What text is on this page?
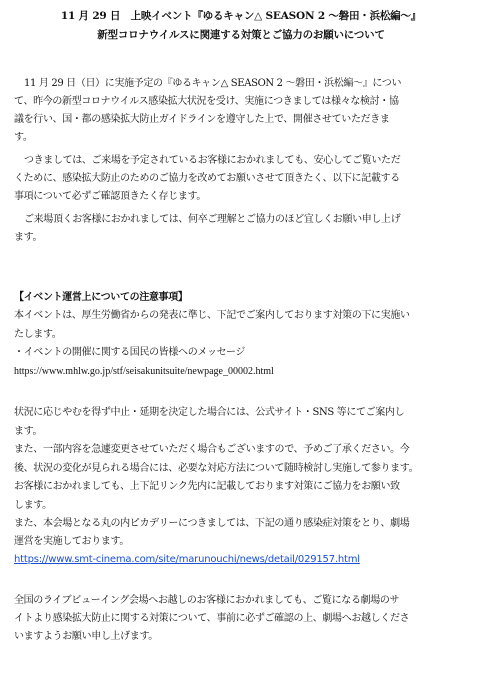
11 月 29 日　上映イベント『ゆるキャン△ SEASON 2 〜磐田・浜松編〜』
新型コロナウイルスに関連する対策とご協力のお願いについて
11 月 29 日（日）に実施予定の『ゆるキャン△ SEASON 2 〜磐田・浜松編〜』につい
て、昨今の新型コロナウイルス感染拡大状況を受け、実施につきましては様々な検討・協
議を行い、国・都の感染拡大防止ガイドラインを遵守した上で、開催させていただきま
す。
つきましては、ご来場を予定されているお客様におかれましても、安心してご覧いただ
くために、感染拡大防止のためのご協力を改めてお願いさせて頂きたく、以下に記載する
事項について必ずご確認頂きたく存じます。
ご来場頂くお客様におかれましては、何卒ご理解とご協力のほど宜しくお願い申し上げ
ます。
【イベント運営上についての注意事項】
本イベントは、厚生労働省からの発表に準じ、下記でご案内しております対策の下に実施い
たします。
・イベントの開催に関する国民の皆様へのメッセージ
https://www.mhlw.go.jp/stf/seisakunitsuite/newpage_00002.html
状況に応じやむを得ず中止・延期を決定した場合には、公式サイト・SNS 等にてご案内し
ます。
また、一部内容を急遽変更させていただく場合もございますので、予めご了承ください。今
後、状況の変化が見られる場合には、必要な対応方法について随時検討し実施して参ります。
お客様におかれましても、上下記リンク先内に記載しております対策にご協力をお願い致
します。
また、本会場となる丸の内ピカデリーにつきましては、下記の通り感染症対策をとり、劇場
運営を実施しております。
https://www.smt-cinema.com/site/marunouchi/news/detail/029157.html
全国のライブビューイング会場へお越しのお客様におかれましても、ご覧になる劇場のサ
イトより感染拡大防止に関する対策について、事前に必ずご確認の上、劇場へお越しくださ
いますようお願い申し上げます。
